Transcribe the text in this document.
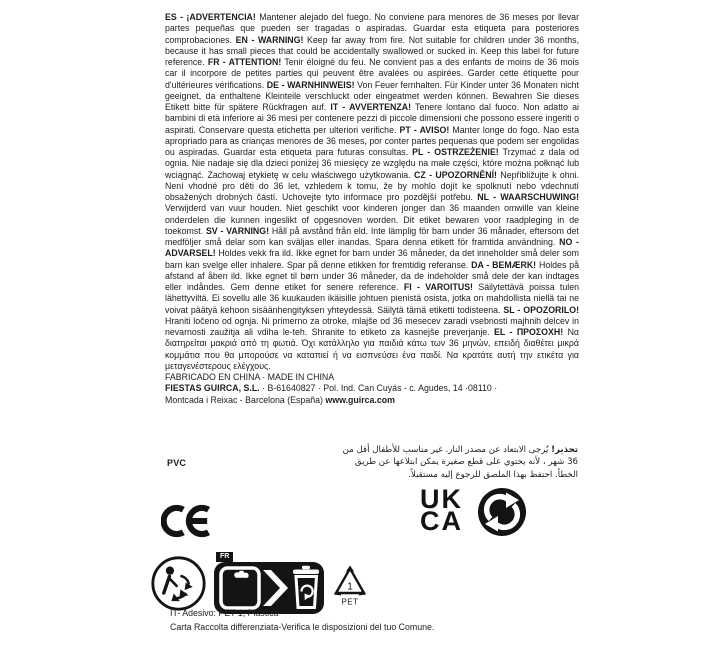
ES - ¡ADVERTENCIA! Mantener alejado del fuego. No conviene para menores de 36 meses por llevar partes pequeñas que pueden ser tragadas o aspiradas. Guardar esta etiqueta para posteriores comprobaciones. EN - WARNING! Keep far away from fire. Not suitable for children under 36 months, because it has small pieces that could be accidentally swallowed or sucked in. Keep this label for future reference. FR - ATTENTION! Tenir éloigné du feu. Ne convient pas a des enfants de moins de 36 mois car il incorpore de petites parties qui peuvent être avalées ou aspirées. Garder cette étiquette pour d'ultérieures vérifications. DE - WARNHINWEIS! Von Feuer fernhalten. Für Kinder unter 36 Monaten nicht geeignet, da enthaltene Kleinteile verschluckt oder eingeatmet werden können. Bewahren Sie dieses Etikett bitte für spätere Rückfragen auf. IT - AVVERTENZA! Tenere lontano dal fuoco. Non adatto ai bambini di età inferiore ai 36 mesi per contenere pezzi di piccole dimensioni che possono essere ingeriti o aspirati. Conservare questa etichetta per ulteriori verifiche. PT - AVISO! Manter longe do fogo. Nao esta apropriado para as crianças menores de 36 meses, por conter partes pequenas que podem ser engolidas ou aspiradas. Guardar esta etiqueta para futuras consultas. PL - OSTRZEŻENIE! Trzymać z dala od ognia. Nie nadaje się dla dzieci poniżej 36 miesięcy ze względu na małe części, które można połknąć lub wciągnąć. Zachowaj etykietę w celu właściwego użytkowania. CZ - UPOZORNĚNÍ! Nepřibližujte k ohni. Není vhodné pro děti do 36 let, vzhledem k tomu, že by mohlo dojít ke spolknutí nebo vdechnutí obsažených drobných částí. Uchovejte tyto informace pro pozdější potřebu. NL - WAARSCHUWING! Verwijderd van vuur houden. Niet geschikt voor kinderen jonger dan 36 maanden omwille van kleine onderdelen die kunnen ingeslikt of opgesnoven worden. Dit etiket bewaren voor raadpleging in de toekomst. SV - VARNING! Håll på avstånd från eld. Inte lämplig för barn under 36 månader, eftersom det medföljer små delar som kan sväljas eller inandas. Spara denna etikett för framtida användning. NO - ADVARSEL! Holdes vekk fra ild. Ikke egnet for barn under 36 måneder, da det inneholder små deler som barn kan svelge eller inhalere. Spar på denne etikken for fremtidig referanse. DA - BEMÆRK! Holdes på afstand af åben ild. Ikke egnet til børn under 36 måneder, da de indeholder små dele der kan indtages eller indåndes. Gem denne etiket for senere reference. FI - VAROITUS! Säilytettävä poissa tulen lähettyviltä. Ei sovellu alle 36 kuukauden ikäisille johtuen pienistä osista, jotka on mahdollista niellä tai ne voivat päätyä kehoon sisäänhengityksen yhteydessä. Säilytä tämä etiketti todisteena. SL - OPOZORILO! Hraniti ločeno od ognja. Ni primerno za otroke, mlajše od 36 mesecev zaradi vsebnosti majhnih delcev in nevarnosti zaužitja ali vdiha le-teh. Shranite to etiketo za kasnejše preverjanje. EL - ΠΡΟΣΟΧΗ! Να διατηρείται μακριά από τη φωτιά. Όχι κατάλληλο για παιδιά κάτω των 36 μηνών, επειδή διαθέτει μικρά κομμάτια που θα μπορούσε να καταπιεί ή να εισπνεύσει ένα παιδί. Να κρατάτε αυτή την ετικέτα για μεταγενέστερους ελέγχους.

FABRICADO EN CHINA · MADE IN CHINA
FIESTAS GUIRCA, S.L. · B-61640827 · Pol. Ind. Can Cuyás - c. Agudes, 14 ·08110 ·
Montcada i Reixac - Barcelona (España) www.guirca.com
تحذير! يُرجى الابتعاد عن مصدر النار. غير مناسب للأطفال أقل من 36 شهر ، لأنه يحتوي على قطع صغيرة يمكن ابتلاعها عن طريق الخطأ. احتفظ بهذا الملصق للرجوع إليه مستقبلاً.
PVC
UK
CA
FR
1
PET
IT- Adesivo: PET 1, Plastica
Carta Raccolta differenziata-Verifica le disposizioni del tuo Comune.
